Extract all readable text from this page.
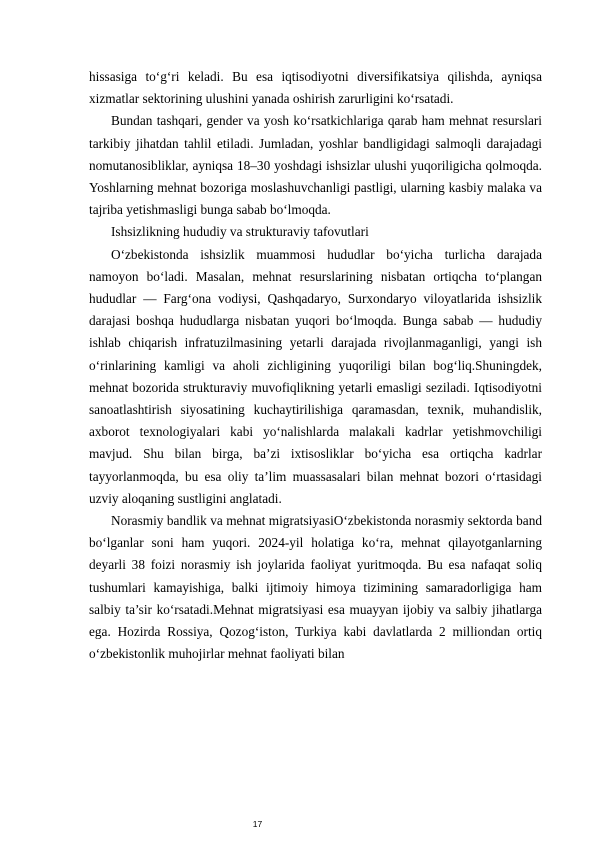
hissasiga to‘g‘ri keladi. Bu esa iqtisodiyotni diversifikatsiya qilishda, ayniqsa xizmatlar sektorining ulushini yanada oshirish zarurligini ko‘rsatadi.

Bundan tashqari, gender va yosh ko‘rsatkichlariga qarab ham mehnat resurslari tarkibiy jihatdan tahlil etiladi. Jumladan, yoshlar bandligidagi salmoqli darajadagi nomutanosibliklar, ayniqsa 18–30 yoshdagi ishsizlar ulushi yuqoriligicha qolmoqda. Yoshlarning mehnat bozoriga moslashuvchanligi pastligi, ularning kasbiy malaka va tajriba yetishmasligi bunga sabab bo‘lmoqda.

Ishsizlikning hududiy va strukturaviy tafovutlari

O‘zbekistonda ishsizlik muammosi hududlar bo‘yicha turlicha darajada namoyon bo‘ladi. Masalan, mehnat resurslarining nisbatan ortiqcha to‘plangan hududlar — Farg‘ona vodiysi, Qashqadaryo, Surxondaryo viloyatlarida ishsizlik darajasi boshqa hududlarga nisbatan yuqori bo‘lmoqda. Bunga sabab — hududiy ishlab chiqarish infratuzilmasining yetarli darajada rivojlanmaganligi, yangi ish o‘rinlarining kamligi va aholi zichligining yuqoriligi bilan bog‘liq.Shuningdek, mehnat bozorida strukturaviy muvofiqlikning yetarli emasligi seziladi. Iqtisodiyotni sanoatlashtirish siyosatining kuchaytirilishiga qaramasdan, texnik, muhandislik, axborot texnologiyalari kabi yo‘nalishlarda malakali kadrlar yetishmovchiligi mavjud. Shu bilan birga, ba’zi ixtisosliklar bo‘yicha esa ortiqcha kadrlar tayyorlanmoqda, bu esa oliy ta’lim muassasalari bilan mehnat bozori o‘rtasidagi uzviy aloqaning sustligini anglatadi.

Norasmiy bandlik va mehnat migratsiyasiO‘zbekistonda norasmiy sektorda band bo‘lganlar soni ham yuqori. 2024-yil holatiga ko‘ra, mehnat qilayotganlarning deyarli 38 foizi norasmiy ish joylarida faoliyat yuritmoqda. Bu esa nafaqat soliq tushumlari kamayishiga, balki ijtimoiy himoya tizimining samaradorligiga ham salbiy ta’sir ko‘rsatadi.Mehnat migratsiyasi esa muayyan ijobiy va salbiy jihatlarga ega. Hozirda Rossiya, Qozog‘iston, Turkiya kabi davlatlarda 2 milliondan ortiq o‘zbekistonlik muhojirlar mehnat faoliyati bilan

17
